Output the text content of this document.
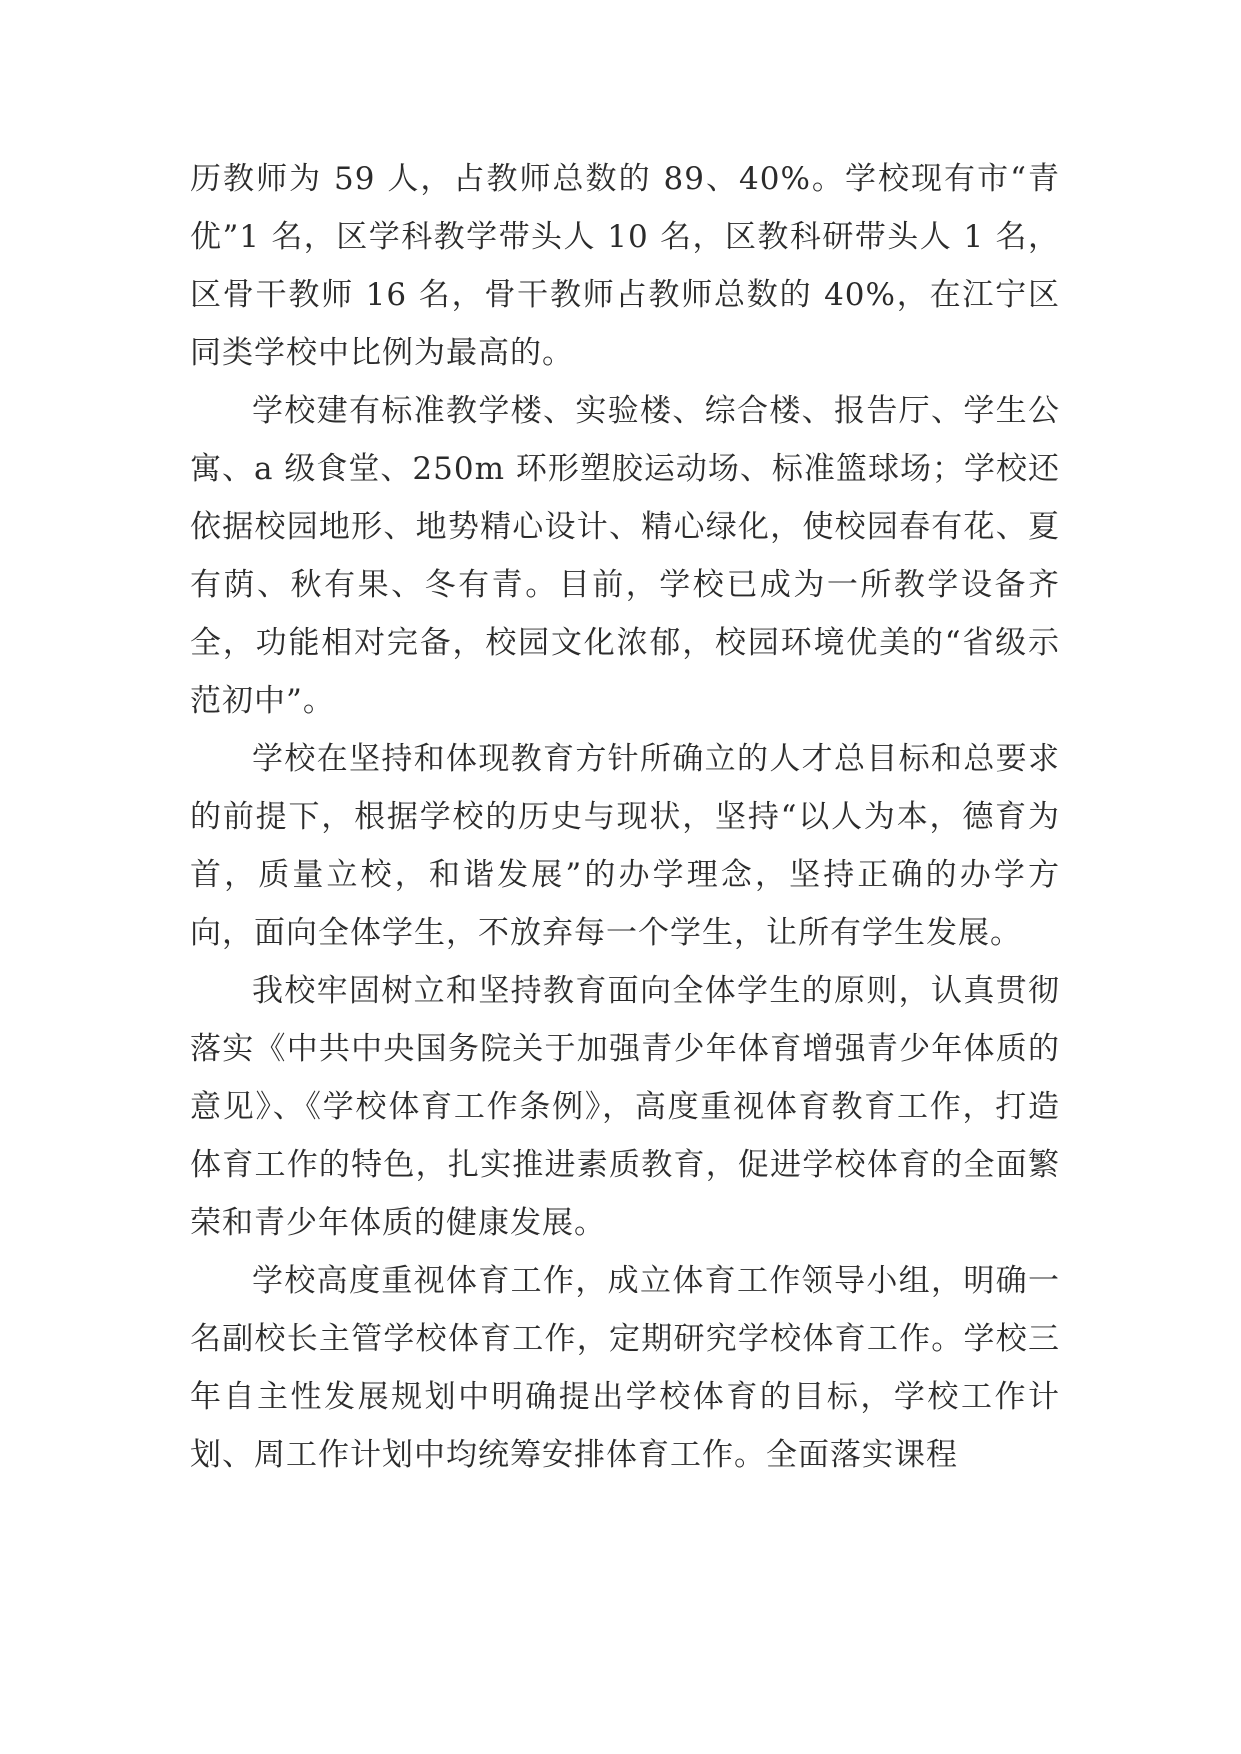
历教师为 59 人，占教师总数的 89、40%。学校现有市“青优”1 名，区学科教学带头人 10 名，区教科研带头人 1 名，区骨干教师 16 名，骨干教师占教师总数的 40%，在江宁区同类学校中比例为最高的。

学校建有标准教学楼、实验楼、综合楼、报告厅、学生公寓、a 级食堂、250m 环形塑胶运动场、标准篮球场；学校还依据校园地形、地势精心设计、精心绿化，使校园春有花、夏有荫、秋有果、冬有青。目前，学校已成为一所教学设备齐全，功能相对完备，校园文化浓郁，校园环境优美的“省级示范初中”。

学校在坚持和体现教育方针所确立的人才总目标和总要求的前提下，根据学校的历史与现状，坚持“以人为本，德育为首，质量立校，和谐发展”的办学理念，坚持正确的办学方向，面向全体学生，不放弃每一个学生，让所有学生发展。

我校牢固树立和坚持教育面向全体学生的原则，认真贯彻落实《中共中央国务院关于加强青少年体育增强青少年体质的意见》、《学校体育工作条例》，高度重视体育教育工作，打造体育工作的特色，扎实推进素质教育，促进学校体育的全面繁荣和青少年体质的健康发展。

学校高度重视体育工作，成立体育工作领导小组，明确一名副校长主管学校体育工作，定期研究学校体育工作。学校三年自主性发展规划中明确提出学校体育的目标，学校工作计划、周工作计划中均统筹安排体育工作。全面落实课程
